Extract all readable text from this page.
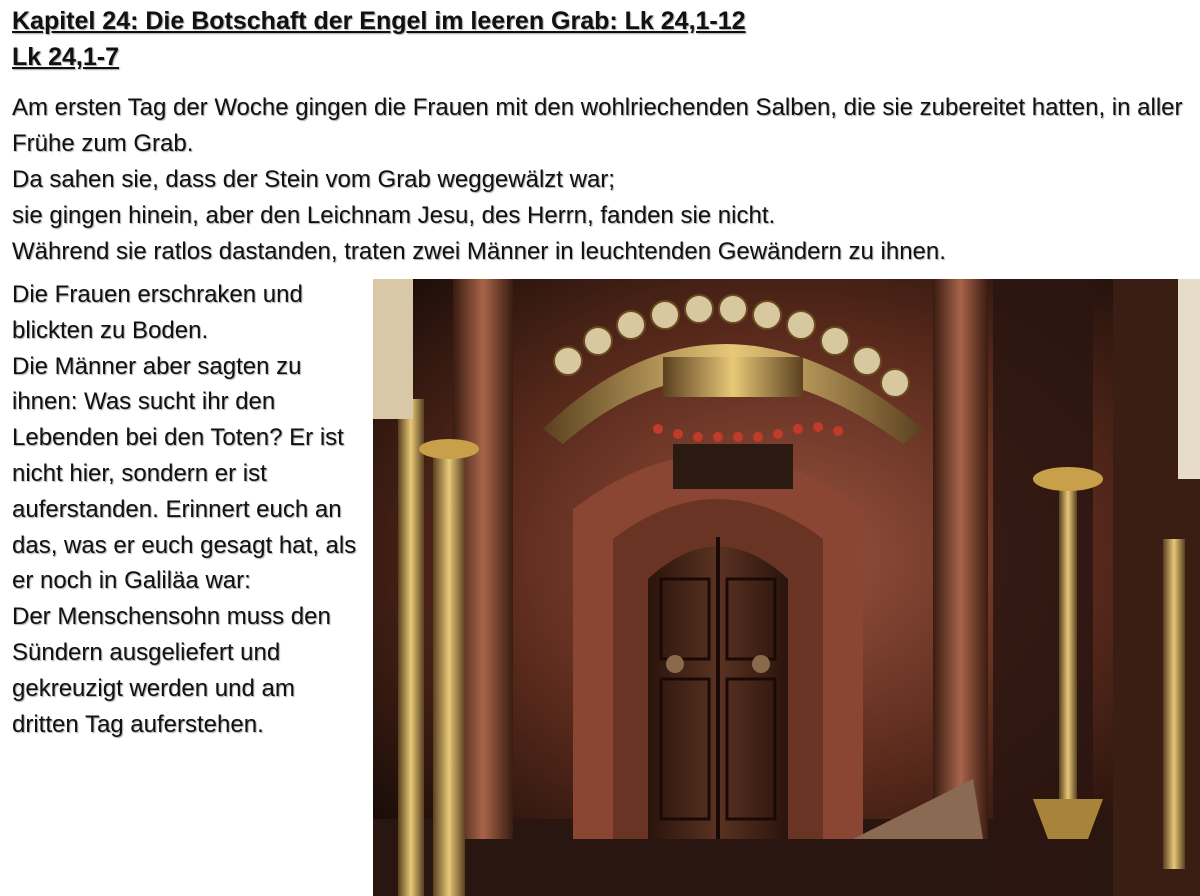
Kapitel 24: Die Botschaft der Engel im leeren Grab: Lk 24,1-12
Lk 24,1-7

Am ersten Tag der Woche gingen die Frauen mit den wohlriechenden Salben, die sie zubereitet hatten, in aller Frühe zum Grab.

Da sahen sie, dass der Stein vom Grab weggewälzt war;

sie gingen hinein, aber den Leichnam Jesu, des Herrn, fanden sie nicht.

Während sie ratlos dastanden, traten zwei Männer in leuchtenden Gewändern zu ihnen.

Die Frauen erschraken und blickten zu Boden.

Die Männer aber sagten zu ihnen: Was sucht ihr den Lebenden bei den Toten? Er ist nicht hier, sondern er ist auferstanden. Erinnert euch an das, was er euch gesagt hat, als er noch in Galiläa war:

Der Menschensohn muss den Sündern ausgeliefert und gekreuzigt werden und am dritten Tag auferstehen.
